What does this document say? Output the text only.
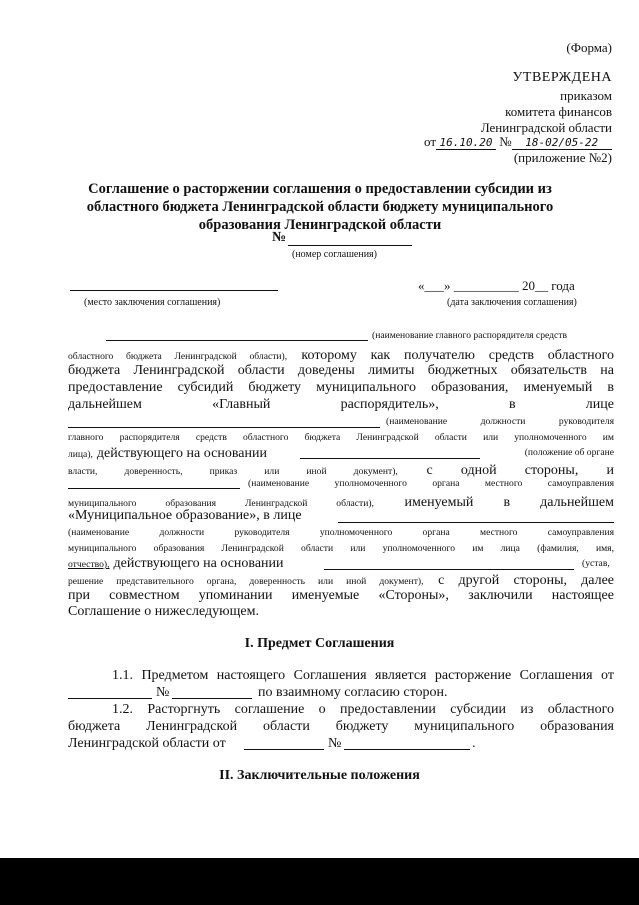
(Форма)
УТВЕРЖДЕНА
приказом
комитета финансов
Ленинградской области
от 16.10.20 № 18-02/05-22
(приложение №2)
Соглашение о расторжении соглашения о предоставлении субсидии из
областного бюджета Ленинградской области бюджету муниципального
образования Ленинградской области
№
(номер соглашения)
«___» __________ 20__ года
(место заключения соглашения)	(дата заключения соглашения)
(наименование главного распорядителя средств
областного бюджета Ленинградской области), которому как получателю средств областного
бюджета Ленинградской области доведены лимиты бюджетных обязательств на
предоставление субсидий бюджету муниципального образования, именуемый в
дальнейшем «Главный распорядитель», в лице
(наименование должности руководителя
главного распорядителя средств областного бюджета Ленинградской области или уполномоченного им
лица), действующего на основании	(положение об органе
власти, доверенность, приказ или иной документ), с одной стороны, и
(наименование уполномоченного органа местного самоуправления
муниципального образования Ленинградской области), именуемый в дальнейшем
«Муниципальное образование», в лице
(наименование должности руководителя уполномоченного органа местного самоуправления
муниципального образования Ленинградской области или уполномоченного им лица (фамилия, имя,
отчество), действующего на основании	(устав,
решение представительного органа, доверенность или иной документ), с другой стороны, далее
при совместном упоминании именуемые «Стороны», заключили настоящее
Соглашение о нижеследующем.
I. Предмет Соглашения
1.1. Предметом настоящего Соглашения является расторжение Соглашения от
№	по взаимному согласию сторон.
1.2. Расторгнуть соглашение о предоставлении субсидии из областного
бюджета Ленинградской области бюджету муниципального образования
Ленинградской области от	№	.
II. Заключительные положения
